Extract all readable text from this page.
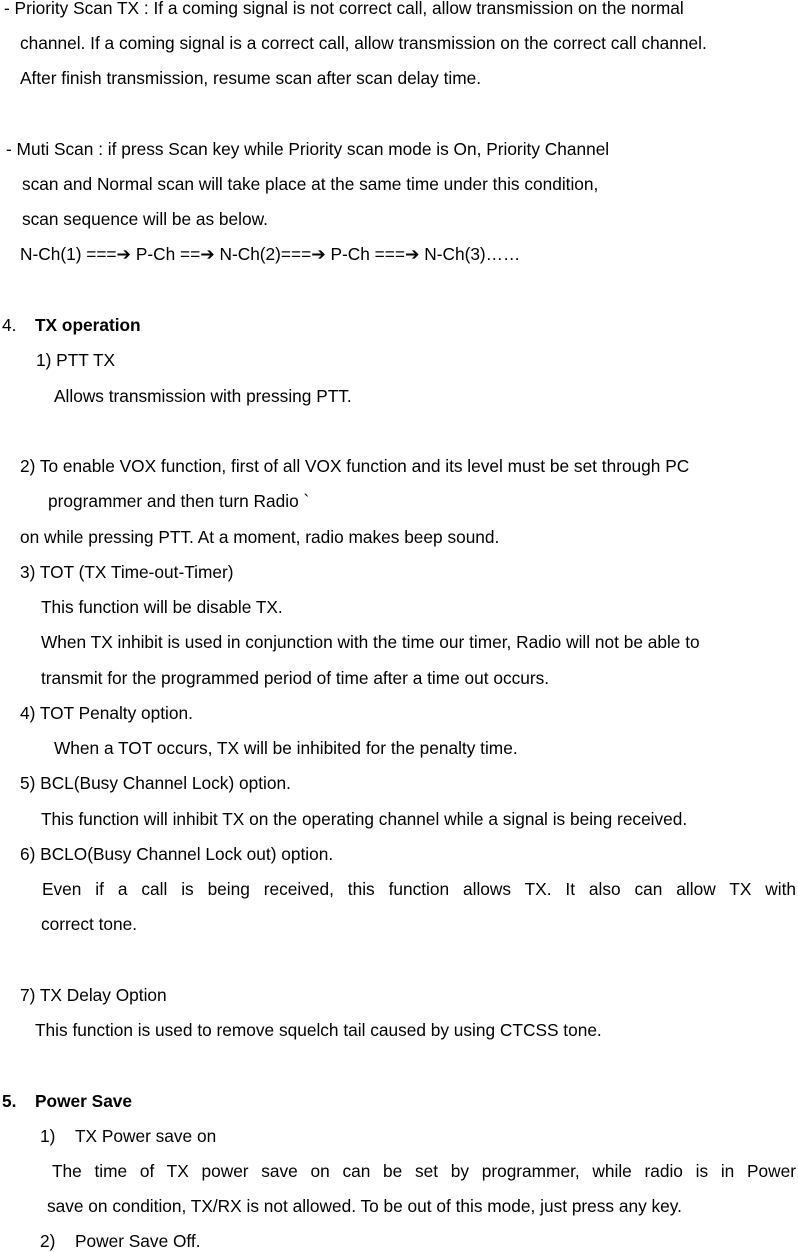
- Priority Scan TX : If a coming signal is not correct call, allow transmission on the normal
channel. If a coming signal is a correct call, allow transmission on the correct call channel.
After finish transmission, resume scan after scan delay time.
- Muti Scan : if press Scan key while Priority scan mode is On, Priority Channel
scan and Normal scan will take place at the same time under this condition,
scan sequence will be as below.
N-Ch(1) ===➔ P-Ch ==➔ N-Ch(2)===➔ P-Ch ===➔ N-Ch(3)……
4. TX operation
1) PTT TX
Allows transmission with pressing PTT.
2) To enable VOX function, first of all VOX function and its level must be set through PC
programmer and then turn Radio `
on while pressing PTT. At a moment, radio makes beep sound.
3) TOT (TX Time-out-Timer)
This function will be disable TX.
When TX inhibit is used in conjunction with the time our timer, Radio will not be able to
transmit for the programmed period of time after a time out occurs.
4) TOT Penalty option.
When a TOT occurs, TX will be inhibited for the penalty time.
5) BCL(Busy Channel Lock) option.
This function will inhibit TX on the operating channel while a signal is being received.
6) BCLO(Busy Channel Lock out) option.
Even if a call is being received, this function allows TX. It also can allow TX with
correct tone.
7) TX Delay Option
This function is used to remove squelch tail caused by using CTCSS tone.
5. Power Save
1) TX Power save on
The time of TX power save on can be set by programmer, while radio is in Power
save on condition, TX/RX is not allowed. To be out of this mode, just press any key.
2) Power Save Off.
